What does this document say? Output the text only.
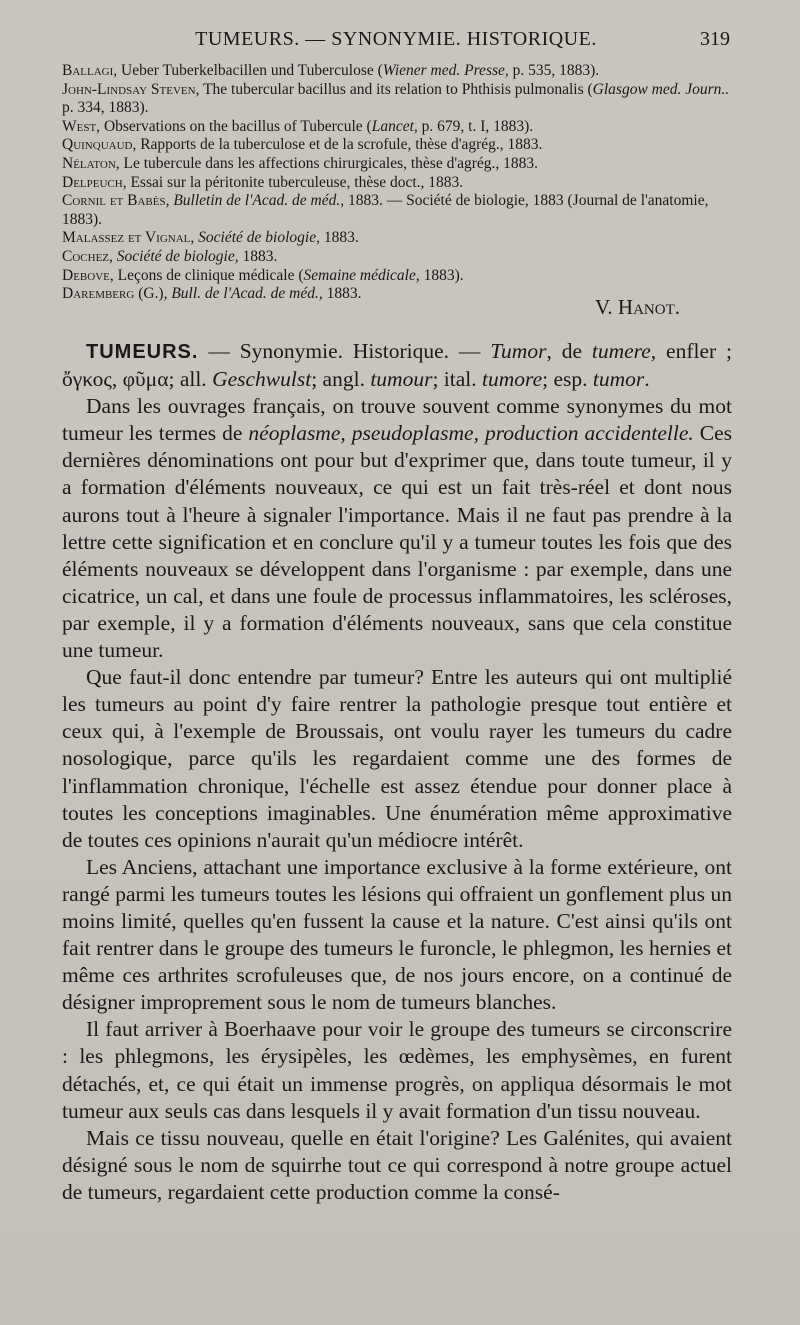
TUMEURS. — SYNONYMIE. HISTORIQUE.	319

Ballagi, Ueber Tuberkelbacillen und Tuberculose (Wiener med. Presse, p. 535, 1883).

John-Lindsay Steven, The tubercular bacillus and its relation to Phthisis pulmonalis (Glasgow med. Journ.. p. 334, 1883).

West, Observations on the bacillus of Tubercule (Lancet, p. 679, t. I, 1883).

Quinquaud, Rapports de la tuberculose et de la scrofule, thèse d'agrég., 1883.

Nélaton, Le tubercule dans les affections chirurgicales, thèse d'agrég., 1883.

Delpeuch, Essai sur la péritonite tuberculeuse, thèse doct., 1883.

Cornil et Babès, Bulletin de l'Acad. de méd., 1883. — Société de biologie, 1883 (Journal de l'anatomie, 1883).

Malassez et Vignal, Société de biologie, 1883.

Cochez, Société de biologie, 1883.

Debove, Leçons de clinique médicale (Semaine médicale, 1883).

Daremberg (G.), Bull. de l'Acad. de méd., 1883.

V. Hanot.

TUMEURS. — Synonymie. Historique. — Tumor, de tumere, enfler ; ὄγκος, φῦμα; all. Geschwulst; angl. tumour; ital. tumore; esp. tumor.

Dans les ouvrages français, on trouve souvent comme synonymes du mot tumeur les termes de néoplasme, pseudoplasme, production accidentelle. Ces dernières dénominations ont pour but d'exprimer que, dans toute tumeur, il y a formation d'éléments nouveaux, ce qui est un fait très-réel et dont nous aurons tout à l'heure à signaler l'importance. Mais il ne faut pas prendre à la lettre cette signification et en conclure qu'il y a tumeur toutes les fois que des éléments nouveaux se développent dans l'organisme : par exemple, dans une cicatrice, un cal, et dans une foule de processus inflammatoires, les scléroses, par exemple, il y a formation d'éléments nouveaux, sans que cela constitue une tumeur.

Que faut-il donc entendre par tumeur? Entre les auteurs qui ont multiplié les tumeurs au point d'y faire rentrer la pathologie presque tout entière et ceux qui, à l'exemple de Broussais, ont voulu rayer les tumeurs du cadre nosologique, parce qu'ils les regardaient comme une des formes de l'inflammation chronique, l'échelle est assez étendue pour donner place à toutes les conceptions imaginables. Une énumération même approximative de toutes ces opinions n'aurait qu'un médiocre intérêt.

Les Anciens, attachant une importance exclusive à la forme extérieure, ont rangé parmi les tumeurs toutes les lésions qui offraient un gonflement plus un moins limité, quelles qu'en fussent la cause et la nature. C'est ainsi qu'ils ont fait rentrer dans le groupe des tumeurs le furoncle, le phlegmon, les hernies et même ces arthrites scrofuleuses que, de nos jours encore, on a continué de désigner improprement sous le nom de tumeurs blanches.

Il faut arriver à Boerhaave pour voir le groupe des tumeurs se circonscrire : les phlegmons, les érysipèles, les œdèmes, les emphysèmes, en furent détachés, et, ce qui était un immense progrès, on appliqua désormais le mot tumeur aux seuls cas dans lesquels il y avait formation d'un tissu nouveau.

Mais ce tissu nouveau, quelle en était l'origine? Les Galénites, qui avaient désigné sous le nom de squirrhe tout ce qui correspond à notre groupe actuel de tumeurs, regardaient cette production comme la consé-
